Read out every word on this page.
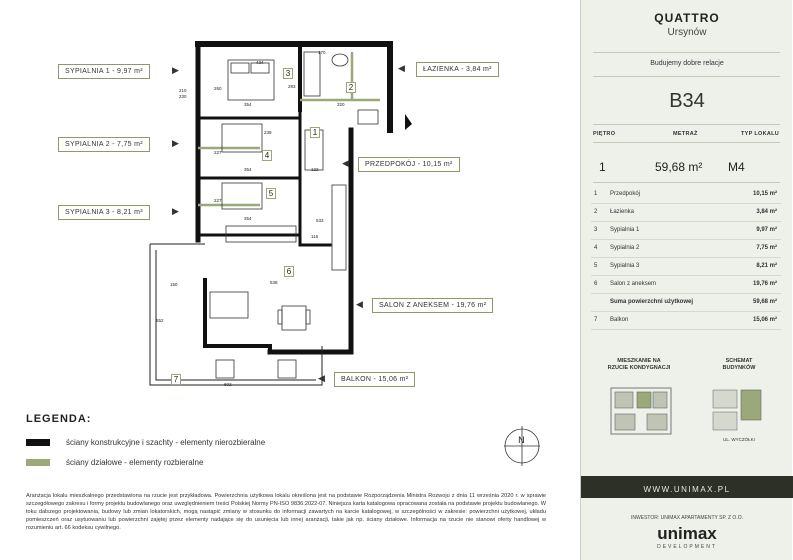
N
1
2
3
4
5
6
7
434
320
170
354
239
354	122
354
227
227
116
533
538
150
552
602
260	293
210
230
SYPIALNIA 1 - 9,97 m²	▶
SYPIALNIA 2 - 7,75 m²	▶
SYPIALNIA 3 - 8,21 m²	▶
ŁAZIENKA - 3,84 m²
◀
PRZEDPOKÓJ - 10,15 m²
◀
SALON Z ANEKSEM - 19,76 m²
◀
BALKON - 15,06 m²
◀
LEGENDA:
ściany konstrukcyjne i szachty - elementy nierozbieralne
ściany działowe - elementy rozbieralne
Aranżacja lokalu mieszkalnego przedstawiona na rzucie jest przykładowa. Powierzchnia użytkowa lokalu określona jest na podstawie Rozporządzenia Ministra Rozwoju z dnia 11 września 2020 r. w sprawie szczegółowego zakresu i formy projektu budowlanego oraz uwzględnieniem treści Polskiej Normy PN-ISO 9836:2022-07. Niniejsza karta katalogowa opracowana została na podstawie projektu budowlanego. W toku dalszego projektowania, budowy lub zmian lokatorskich, mogą nastąpić zmiany w stosunku do informacji zawartych na karcie katalogowej, w szczególności w zakresie: powierzchni użytkowej, układu pomieszczeń oraz usytuowaniu lub powierzchni zajętej przez elementy nadające się do usunięcia lub innej aranżacji, takie jak np. ściany działowe. Informacja na rzucie nie stanowi oferty handlowej w rozumieniu art. 66 kodeksu cywilnego.
QUATTRO
Ursynów
Budujemy dobre relacje
B34
PIĘTRO	METRAŻ	TYP LOKALU
1	59,68 m² M4
1 Przedpokój	10,15 m²
2 Łazienka	3,84 m²
3 Sypialnia 1	9,97 m²
4 Sypialnia 2	7,75 m²
5 Sypialnia 3	8,21 m²
6 Salon z aneksem	19,76 m²
Suma powierzchni użytkowej	59,68 m²
7 Balkon	15,06 m²
MIESZKANIE NA
RZUCIE KONDYGNACJI
SCHEMAT
BUDYNKÓW
UL. WYCZÓŁKI
WWW.UNIMAX.PL
INWESTOR: UNIMAX APARTAMENTY SP. Z O.O.
unimax
DEVELOPMENT
